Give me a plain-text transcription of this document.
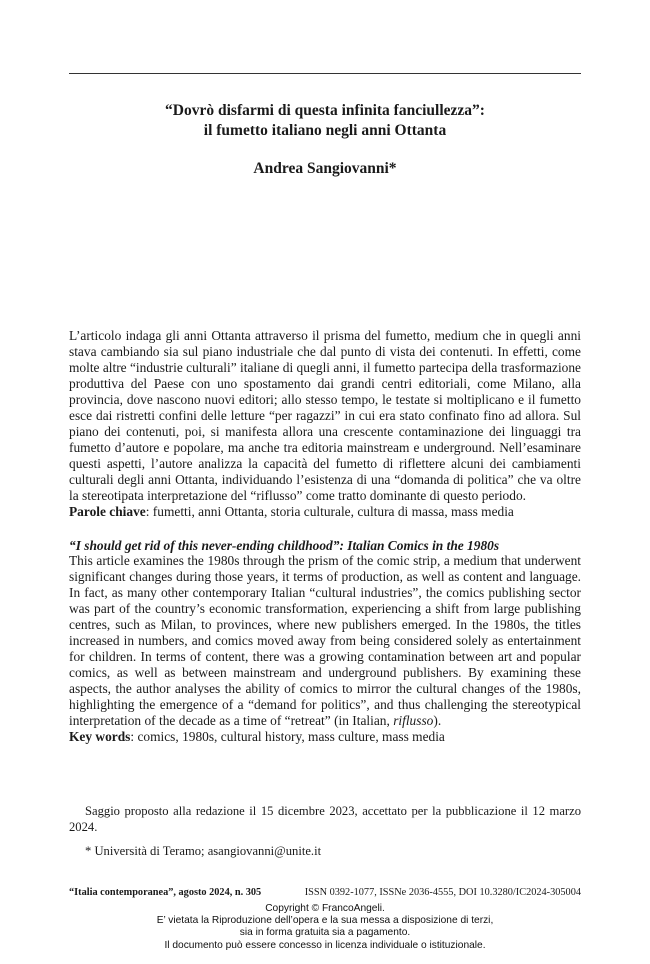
“Dovrò disfarmi di questa infinita fanciullezza”:
il fumetto italiano negli anni Ottanta
Andrea Sangiovanni*

L’articolo indaga gli anni Ottanta attraverso il prisma del fumetto, medium che in quegli anni stava cambiando sia sul piano industriale che dal punto di vista dei contenuti. In effetti, come molte altre “industrie culturali” italiane di quegli anni, il fumetto partecipa della trasformazione produttiva del Paese con uno spostamento dai grandi centri editoriali, come Milano, alla provincia, dove nascono nuovi editori; allo stesso tempo, le testate si moltiplicano e il fumetto esce dai ristretti confini delle letture “per ragazzi” in cui era stato confinato fino ad allora. Sul piano dei contenuti, poi, si manifesta allora una crescente contaminazione dei linguaggi tra fumetto d’autore e popolare, ma anche tra editoria mainstream e underground. Nell’esaminare questi aspetti, l’autore analizza la capacità del fumetto di riflettere alcuni dei cambiamenti culturali degli anni Ottanta, individuando l’esistenza di una “domanda di politica” che va oltre la stereotipata interpretazione del “riflusso” come tratto dominante di questo periodo.

Parole chiave: fumetti, anni Ottanta, storia culturale, cultura di massa, mass media

“I should get rid of this never-ending childhood”: Italian Comics in the 1980s

This article examines the 1980s through the prism of the comic strip, a medium that underwent significant changes during those years, it terms of production, as well as content and language. In fact, as many other contemporary Italian “cultural industries”, the comics publishing sector was part of the country’s economic transformation, experiencing a shift from large publishing centres, such as Milan, to provinces, where new publishers emerged. In the 1980s, the titles increased in numbers, and comics moved away from being considered solely as entertainment for children. In terms of content, there was a growing contamination between art and popular comics, as well as between mainstream and underground publishers. By examining these aspects, the author analyses the ability of comics to mirror the cultural changes of the 1980s, highlighting the emergence of a “demand for politics”, and thus challenging the stereotypical interpretation of the decade as a time of “retreat” (in Italian, riflusso).

Key words: comics, 1980s, cultural history, mass culture, mass media

Saggio proposto alla redazione il 15 dicembre 2023, accettato per la pubblicazione il 12 marzo 2024.
* Università di Teramo; asangiovanni@unite.it
“Italia contemporanea”, agosto 2024, n. 305	ISSN 0392-1077, ISSNe 2036-4555, DOI 10.3280/IC2024-305004
Copyright © FrancoAngeli.
E’ vietata la Riproduzione dell’opera e la sua messa a disposizione di terzi,
sia in forma gratuita sia a pagamento.
Il documento può essere concesso in licenza individuale o istituzionale.
